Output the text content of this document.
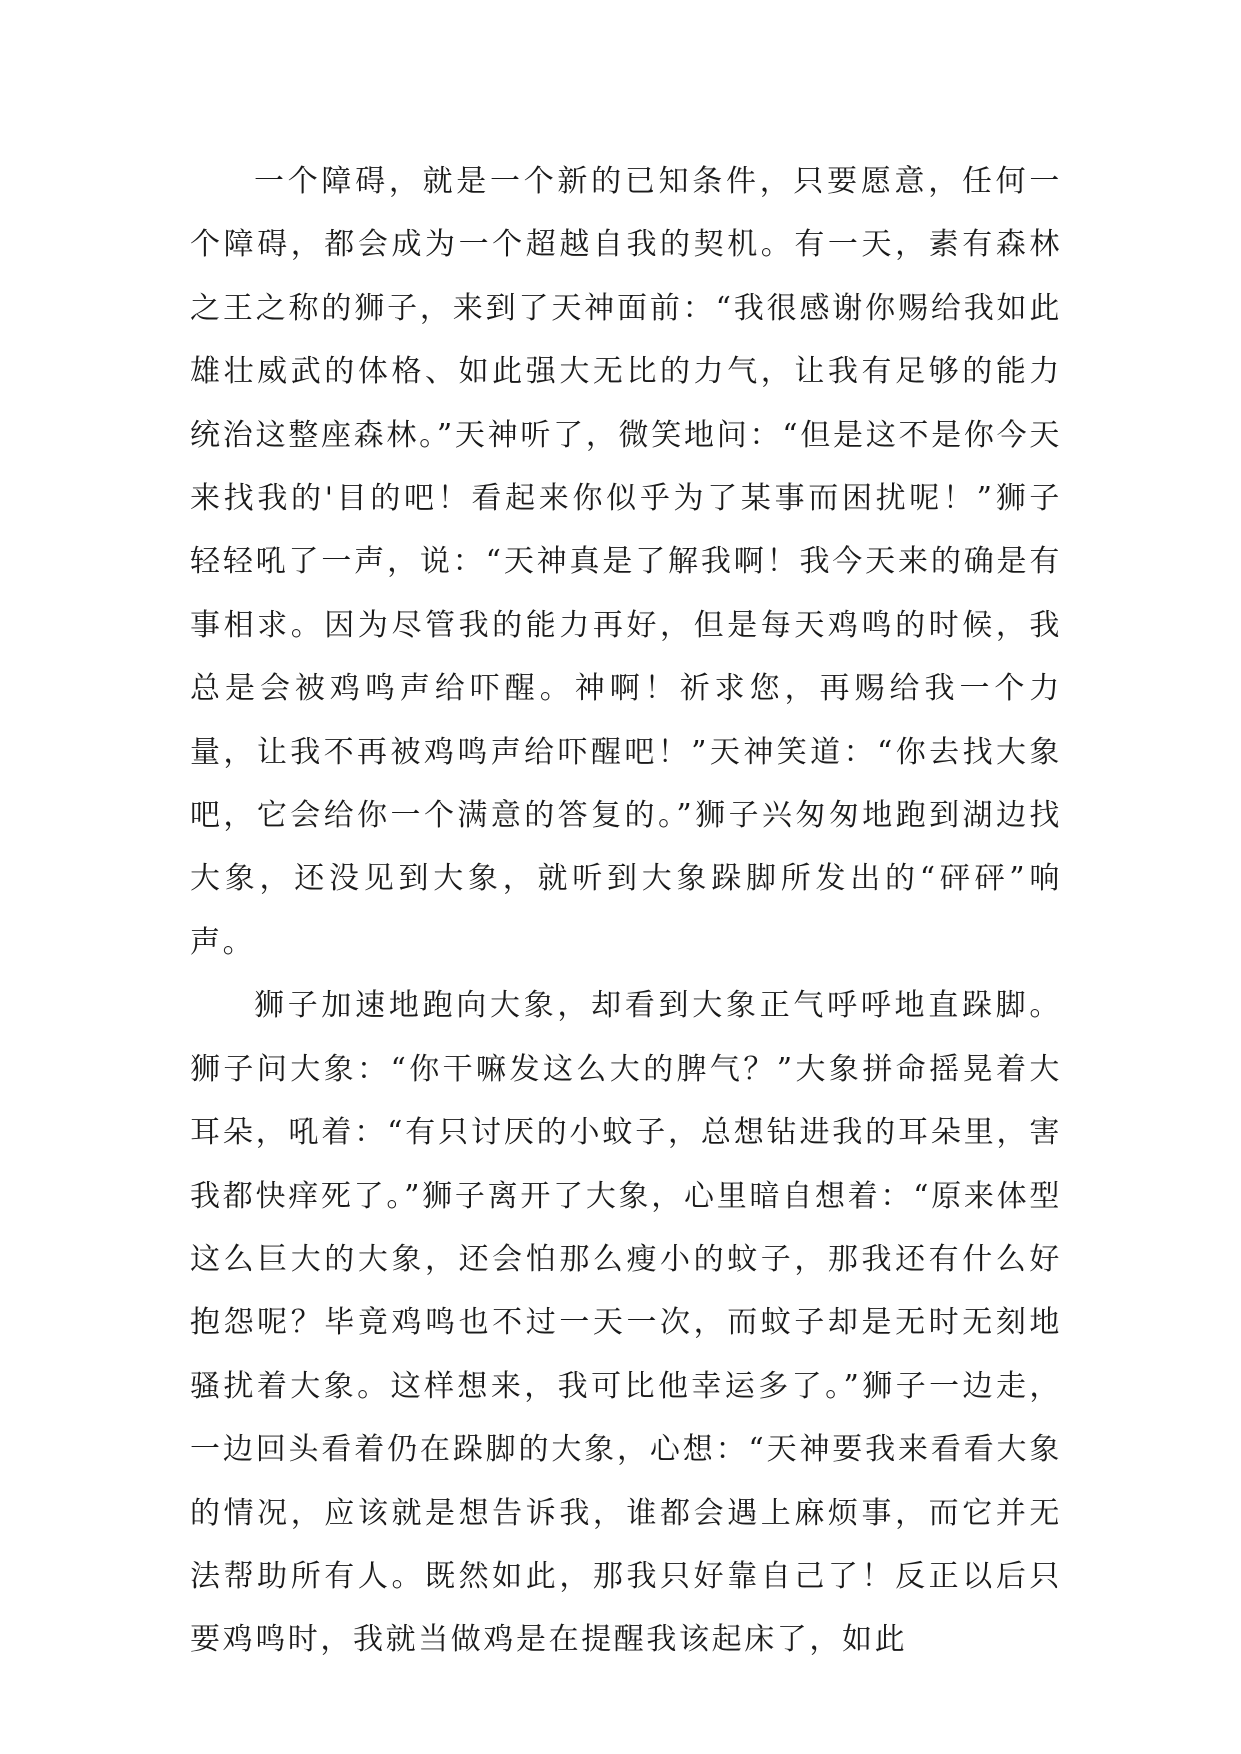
一个障碍，就是一个新的已知条件，只要愿意，任何一个障碍，都会成为一个超越自我的契机。有一天，素有森林之王之称的狮子，来到了天神面前：“我很感谢你赐给我如此雄壮威武的体格、如此强大无比的力气，让我有足够的能力统治这整座森林。”天神听了，微笑地问：“但是这不是你今天来找我的'目的吧！看起来你似乎为了某事而困扰呢！”狮子轻轻吼了一声，说：“天神真是了解我啊！我今天来的确是有事相求。因为尽管我的能力再好，但是每天鸡鸣的时候，我总是会被鸡鸣声给吓醒。神啊！祈求您，再赐给我一个力量，让我不再被鸡鸣声给吓醒吧！”天神笑道：“你去找大象吧，它会给你一个满意的答复的。”狮子兴匆匆地跑到湖边找大象，还没见到大象，就听到大象跺脚所发出的“砰砰”响声。

狮子加速地跑向大象，却看到大象正气呼呼地直跺脚。狮子问大象：“你干嘛发这么大的脾气？”大象拼命摇晃着大耳朵，吼着：“有只讨厌的小蚊子，总想钻进我的耳朵里，害我都快痒死了。”狮子离开了大象，心里暗自想着：“原来体型这么巨大的大象，还会怕那么瘦小的蚊子，那我还有什么好抱怨呢？毕竟鸡鸣也不过一天一次，而蚊子却是无时无刻地骚扰着大象。这样想来，我可比他幸运多了。”狮子一边走，一边回头看着仍在跺脚的大象，心想：“天神要我来看看大象的情况，应该就是想告诉我，谁都会遇上麻烦事，而它并无法帮助所有人。既然如此，那我只好靠自己了！反正以后只要鸡鸣时，我就当做鸡是在提醒我该起床了，如此
